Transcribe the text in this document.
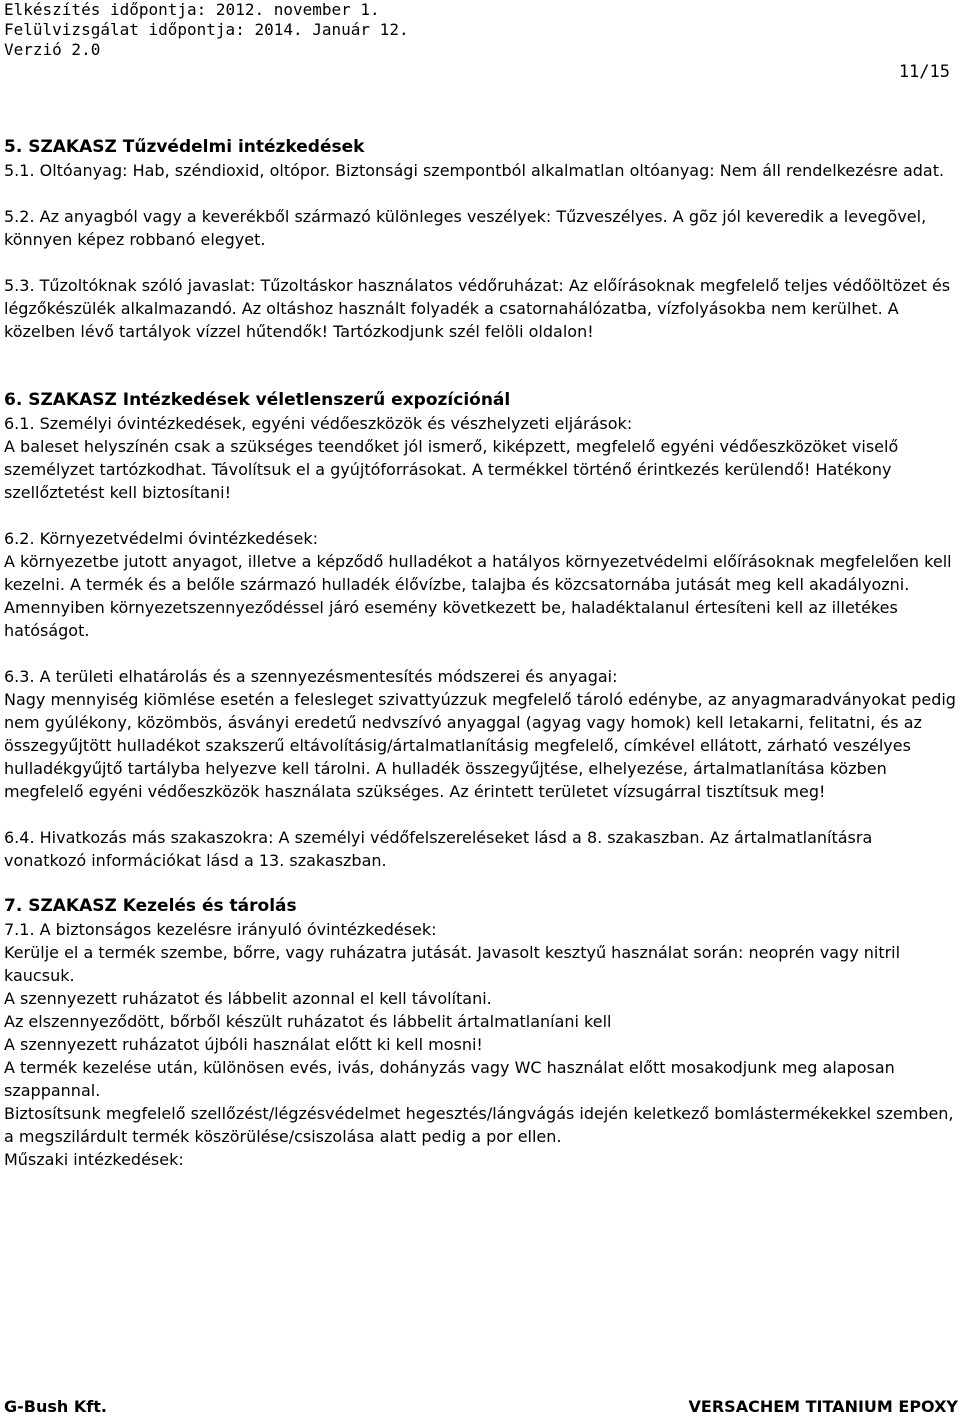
Elkészítés időpontja: 2012. november 1.
Felülvizsgálat időpontja: 2014. Január 12.
Verzió 2.0
11/15

5. SZAKASZ Tűzvédelmi intézkedések

5.1. Oltóanyag: Hab, széndioxid, oltópor. Biztonsági szempontból alkalmatlan oltóanyag: Nem áll rendelkezésre adat.

5.2. Az anyagból vagy a keverékből származó különleges veszélyek: Tűzveszélyes. A gõz jól keveredik a levegõvel, könnyen képez robbanó elegyet.

5.3. Tűzoltóknak szóló javaslat: Tűzoltáskor használatos védőruházat: Az előírásoknak megfelelő teljes védőöltözet és légzőkészülék alkalmazandó. Az oltáshoz használt folyadék a csatornahálózatba, vízfolyásokba nem kerülhet. A közelben lévő tartályok vízzel hűtendők! Tartózkodjunk szél felöli oldalon!

6. SZAKASZ Intézkedések véletlenszerű expozíciónál

6.1. Személyi óvintézkedések, egyéni védőeszközök és vészhelyzeti eljárások:

A baleset helyszínén csak a szükséges teendőket jól ismerő, kiképzett, megfelelő egyéni védőeszközöket viselő személyzet tartózkodhat. Távolítsuk el a gyújtóforrásokat. A termékkel történő érintkezés kerülendő! Hatékony szellőztetést kell biztosítani!

6.2. Környezetvédelmi óvintézkedések:

A környezetbe jutott anyagot, illetve a képződő hulladékot a hatályos környezetvédelmi előírásoknak megfelelően kell kezelni. A termék és a belőle származó hulladék élővízbe, talajba és közcsatornába jutását meg kell akadályozni. Amennyiben környezetszennyeződéssel járó esemény következett be, haladéktalanul értesíteni kell az illetékes hatóságot.

6.3. A területi elhatárolás és a szennyezésmentesítés módszerei és anyagai:

Nagy mennyiség kiömlése esetén a felesleget szivattyúzzuk megfelelő tároló edénybe, az anyagmaradványokat pedig nem gyúlékony, közömbös, ásványi eredetű nedvszívó anyaggal (agyag vagy homok) kell letakarni, felitatni, és az összegyűjtött hulladékot szakszerű eltávolításig/ártalmatlanításig megfelelő, címkével ellátott, zárható veszélyes hulladékgyűjtő tartályba helyezve kell tárolni. A hulladék összegyűjtése, elhelyezése, ártalmatlanítása közben megfelelő egyéni védőeszközök használata szükséges. Az érintett területet vízsugárral tisztítsuk meg!

6.4. Hivatkozás más szakaszokra: A személyi védőfelszereléseket lásd a 8. szakaszban. Az ártalmatlanításra vonatkozó információkat lásd a 13. szakaszban.

7. SZAKASZ Kezelés és tárolás

7.1. A biztonságos kezelésre irányuló óvintézkedések:

Kerülje el a termék szembe, bőrre, vagy ruházatra jutását. Javasolt kesztyű használat során: neoprén vagy nitril kaucsuk.

A szennyezett ruházatot és lábbelit azonnal el kell távolítani.

Az elszennyeződött, bőrből készült ruházatot és lábbelit ártalmatlaníani kell

A szennyezett ruházatot újbóli használat előtt ki kell mosni!

A termék kezelése után, különösen evés, ivás, dohányzás vagy WC használat előtt mosakodjunk meg alaposan szappannal.

Biztosítsunk megfelelő szellőzést/légzésvédelmet hegesztés/lángvágás idején keletkező bomlástermékekkel szemben, a megszilárdult termék köszörülése/csiszolása alatt pedig a por ellen.

Műszaki intézkedések:

G-Bush Kft.	VERSACHEM TITANIUM EPOXY
